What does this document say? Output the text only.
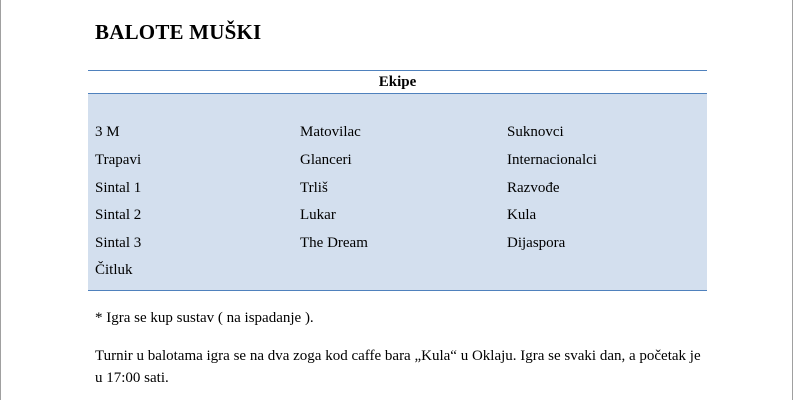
BALOTE MUŠKI
Ekipe
3 M
Trapavi
Sintal 1
Sintal 2
Sintal 3
Čitluk
Matovilac
Glanceri
Trliš
Lukar
The Dream
Suknovci
Internacionalci
Razvođe
Kula
Dijaspora

* Igra se kup sustav ( na ispadanje ).

Turnir u balotama igra se na dva zoga kod caffe bara „Kula“ u Oklaju. Igra se svaki dan, a početak je u 17:00 sati.
